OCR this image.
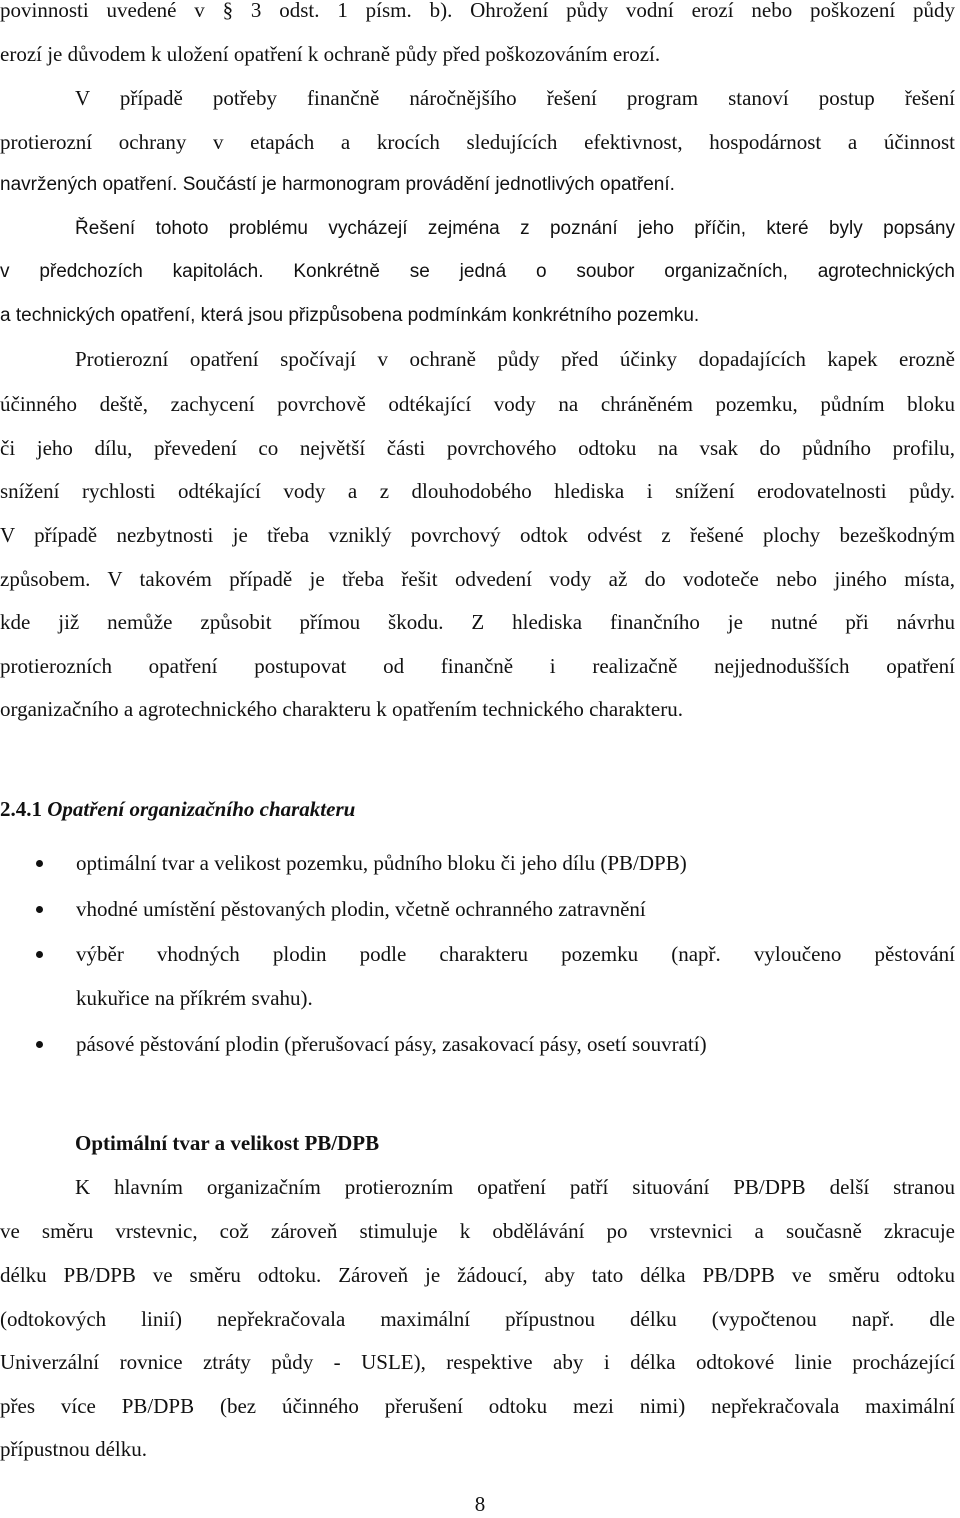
povinnosti uvedené v § 3 odst. 1 písm. b). Ohrožení půdy vodní erozí nebo poškození půdy

erozí je důvodem k uložení opatření k ochraně půdy před poškozováním erozí.

V případě potřeby finančně náročnějšího řešení program stanoví postup řešení

protierozní ochrany v etapách a krocích sledujících efektivnost, hospodárnost a účinnost

navržených opatření. Součástí je harmonogram provádění jednotlivých opatření.

Řešení tohoto problému vycházejí zejména z poznání jeho příčin, které byly popsány

v předchozích kapitolách. Konkrétně se jedná o soubor organizačních, agrotechnických

a technických opatření, která jsou přizpůsobena podmínkám konkrétního pozemku.

Protierozní opatření spočívají v ochraně půdy před účinky dopadajících kapek erozně

účinného deště, zachycení povrchově odtékající vody na chráněném pozemku, půdním bloku

či jeho dílu, převedení co největší části povrchového odtoku na vsak do půdního profilu,

snížení rychlosti odtékající vody a z dlouhodobého hlediska i snížení erodovatelnosti půdy.

V případě nezbytnosti je třeba vzniklý povrchový odtok odvést z řešené plochy bezeškodným

způsobem. V takovém případě je třeba řešit odvedení vody až do vodoteče nebo jiného místa,

kde již nemůže způsobit přímou škodu. Z hlediska finančního je nutné při návrhu

protierozních opatření postupovat od finančně i realizačně nejjednodušších opatření

organizačního a agrotechnického charakteru k opatřením technického charakteru.

2.4.1 Opatření organizačního charakteru

optimální tvar a velikost pozemku, půdního bloku či jeho dílu (PB/DPB)

vhodné umístění pěstovaných plodin, včetně ochranného zatravnění

výběr vhodných plodin podle charakteru pozemku (např. vyloučeno pěstování

kukuřice na příkrém svahu).

pásové pěstování plodin (přerušovací pásy, zasakovací pásy, osetí souvratí)

Optimální tvar a velikost PB/DPB

K hlavním organizačním protierozním opatření patří situování PB/DPB delší stranou

ve směru vrstevnic, což zároveň stimuluje k obdělávání po vrstevnici a současně zkracuje

délku PB/DPB ve směru odtoku. Zároveň je žádoucí, aby tato délka PB/DPB ve směru odtoku

(odtokových linií) nepřekračovala maximální přípustnou délku (vypočtenou např. dle

Univerzální rovnice ztráty půdy - USLE), respektive aby i délka odtokové linie procházející

přes více PB/DPB (bez účinného přerušení odtoku mezi nimi) nepřekračovala maximální

přípustnou délku.

8
